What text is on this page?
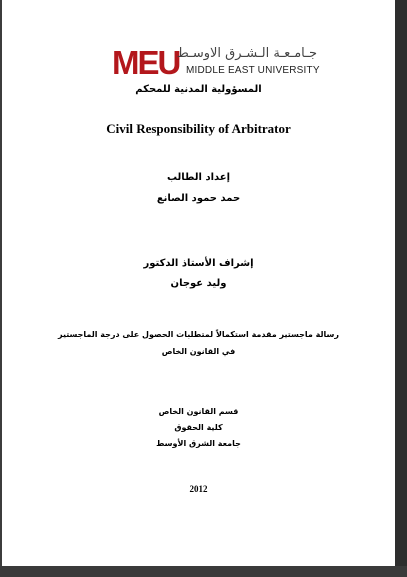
MEU
جـامـعـة الـشـرق الاوسـط
MIDDLE EAST UNIVERSITY
المسؤولية المدنية للمحكم
Civil Responsibility of Arbitrator
إعداد الطالب
حمد حمود الصانع
إشراف الأستاذ الدكتور
وليد عوجان
رسالة ماجستير مقدمة استكمالاً لمتطلبات الحصول على درجة الماجستير
في القانون الخاص
قسم القانون الخاص
كلية الحقوق
جامعة الشرق الأوسط
2012
